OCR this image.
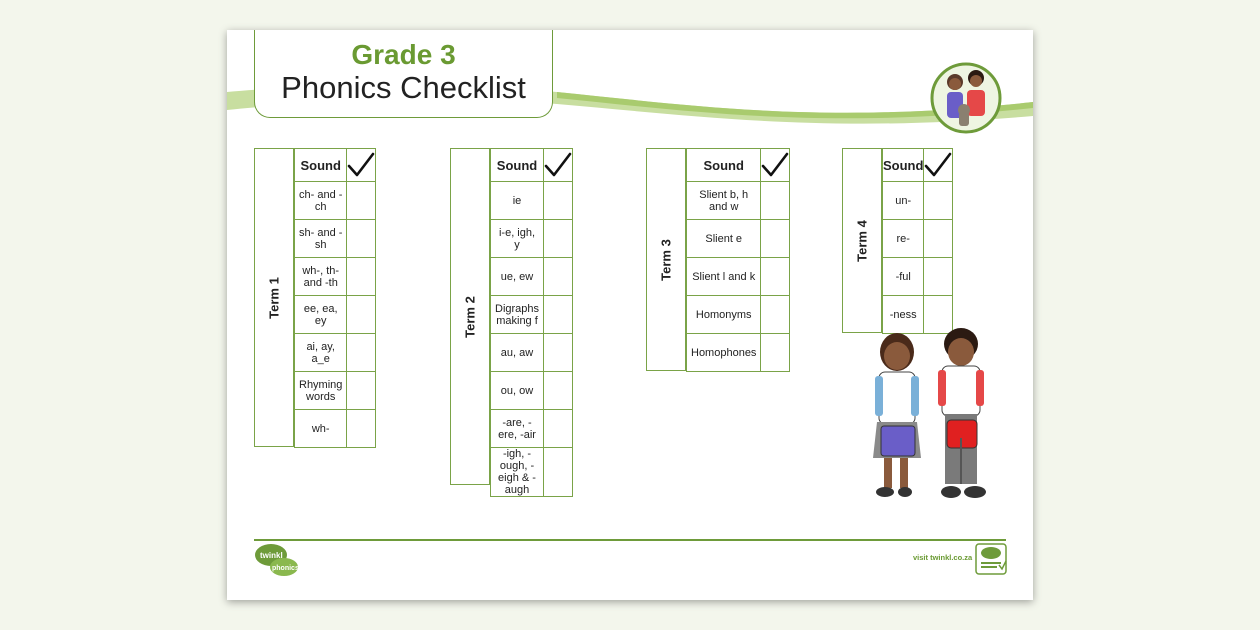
Grade 3
Phonics Checklist
Term 1
Sound	

ch- and -ch	
sh- and -sh	
wh-, th- and -th	
ee, ea, ey	
ai, ay, a_e	
Rhyming words	
wh-	
Term 2
Sound	

ie	
i-e, igh, y	
ue, ew	
Digraphs making f	
au, aw	
ou, ow	
-are, -ere, -air	
-igh, -ough, -eigh & -augh	
Term 3
Sound	

Slient b, h and w	
Slient e	
Slient l and k	
Homonyms	
Homophones	
Term 4
Sound	

un-	
re-	
-ful	
-ness	
twinkl
phonics
visit twinkl.co.za
